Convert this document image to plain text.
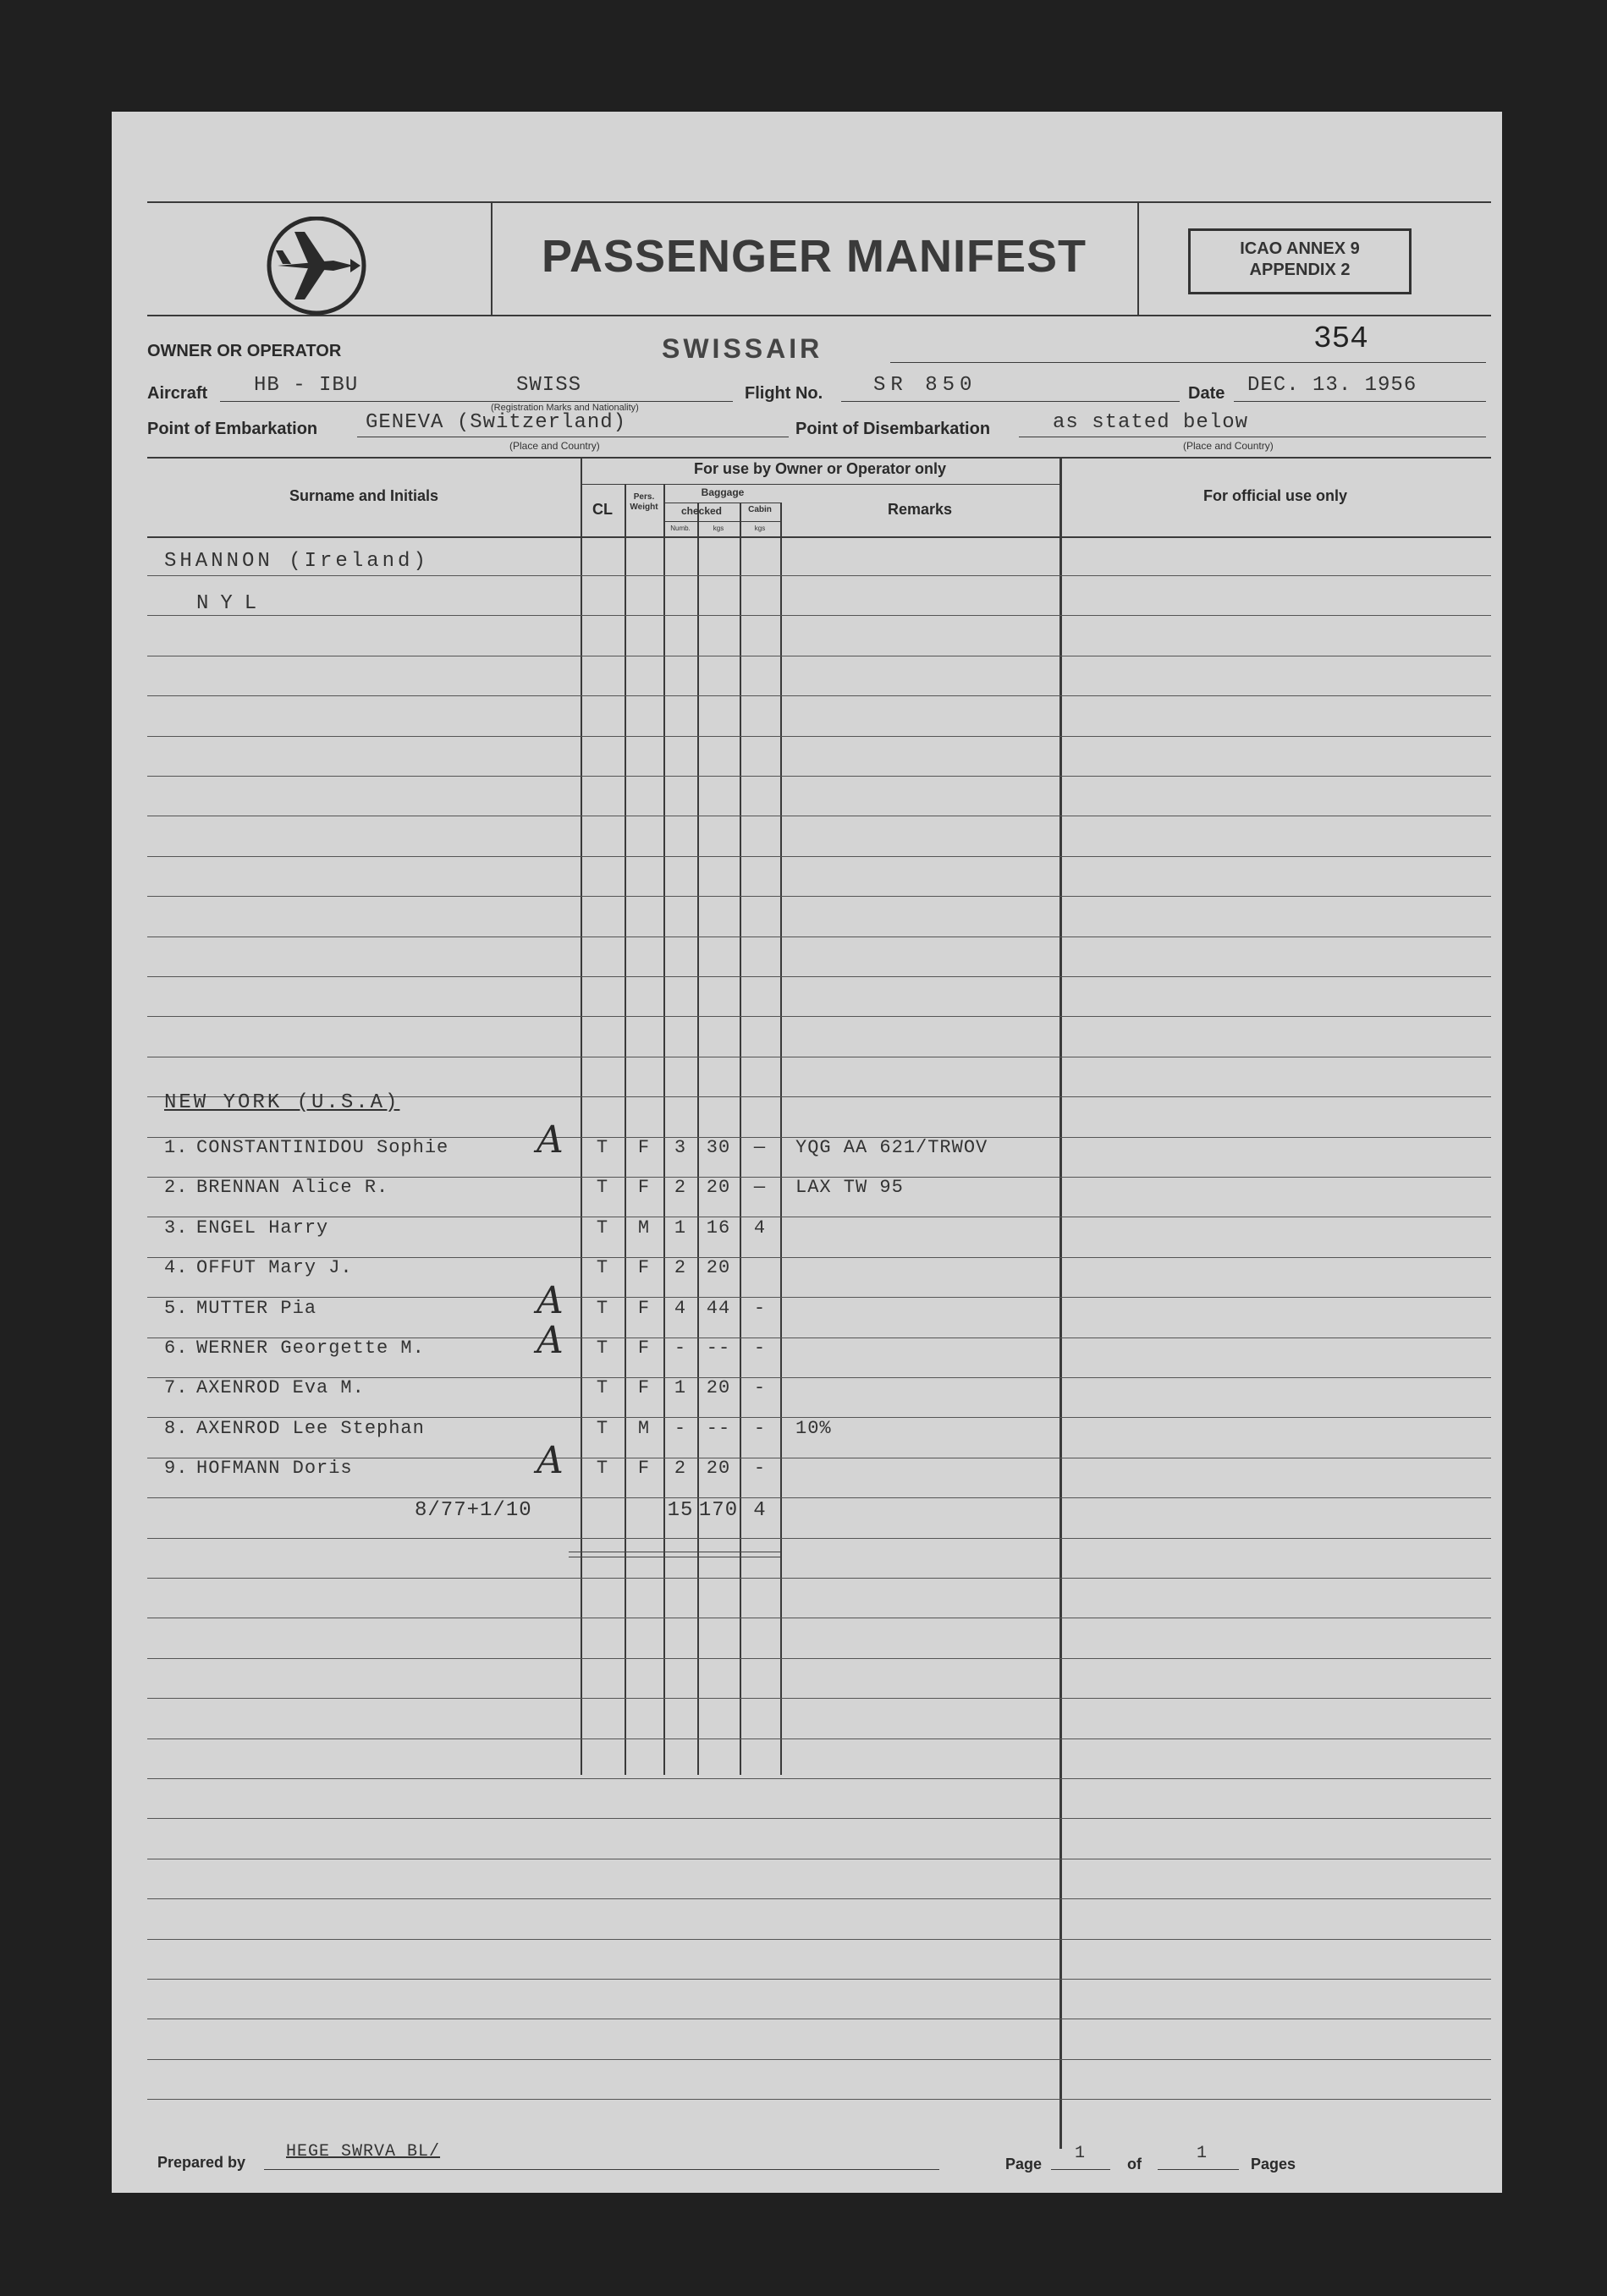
PASSENGER MANIFEST	ICAO ANNEX 9
APPENDIX 2
OWNER OR OPERATOR	SWISSAIR	354
Aircraft HB - IBU	SWISS
(Registration Marks and Nationality)
Flight No. SR 850	Date DEC. 13. 1956
Point of Embarkation GENEVA (Switzerland)
(Place and Country)
Point of Disembarkation	as stated below
(Place and Country)
Surname and Initials
For use by Owner or Operator only
CL
Pers. Weight
Baggage
checked	Cabin
Numb.	kgs	kgs
Remarks
For official use only
SHANNON (Ireland)
NYL
NEW YORK (U.S.A)
1. CONSTANTINIDOU Sophie	T	F	3	30	—	YQG AA 621/TRWOV
A
2. BRENNAN Alice R.	T	F	2	20	—	LAX TW 95
3. ENGEL Harry	T	M	1	16	4
4. OFFUT Mary J.	T	F	2	20
5. MUTTER Pia	T	F	4	44	-
A
6. WERNER Georgette M.	T	F	-	--	-
A
7. AXENROD Eva M.	T	F	1	20	-
8. AXENROD Lee Stephan	T	M	-	--	-	10%
9. HOFMANN Doris	T	F	2	20	-
A
8/77+1/10	15 170 4
Prepared by
HEGE SWRVA BL/
Page
1
of
1
Pages
